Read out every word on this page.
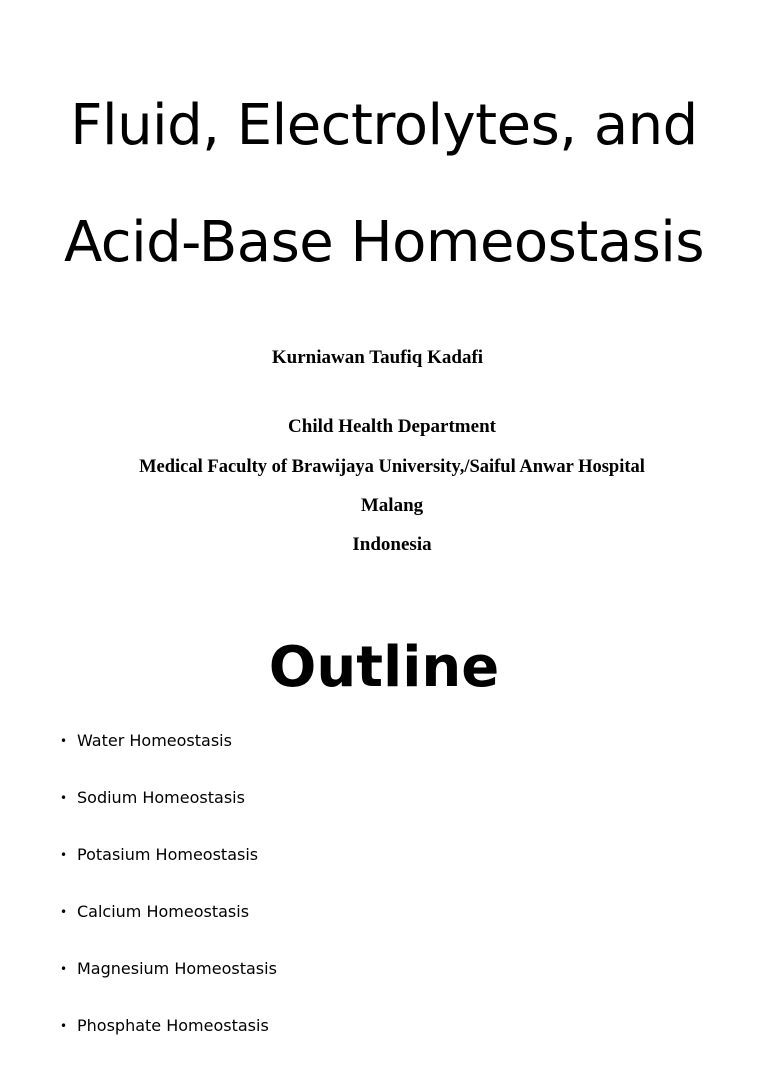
Fluid, Electrolytes, and
Acid-Base Homeostasis
Kurniawan Taufiq Kadafi
Child Health Department
Medical Faculty of Brawijaya University,/Saiful Anwar Hospital
Malang
Indonesia
Outline
• Water Homeostasis
• Sodium Homeostasis
• Potasium Homeostasis
• Calcium Homeostasis
• Magnesium Homeostasis
• Phosphate Homeostasis
